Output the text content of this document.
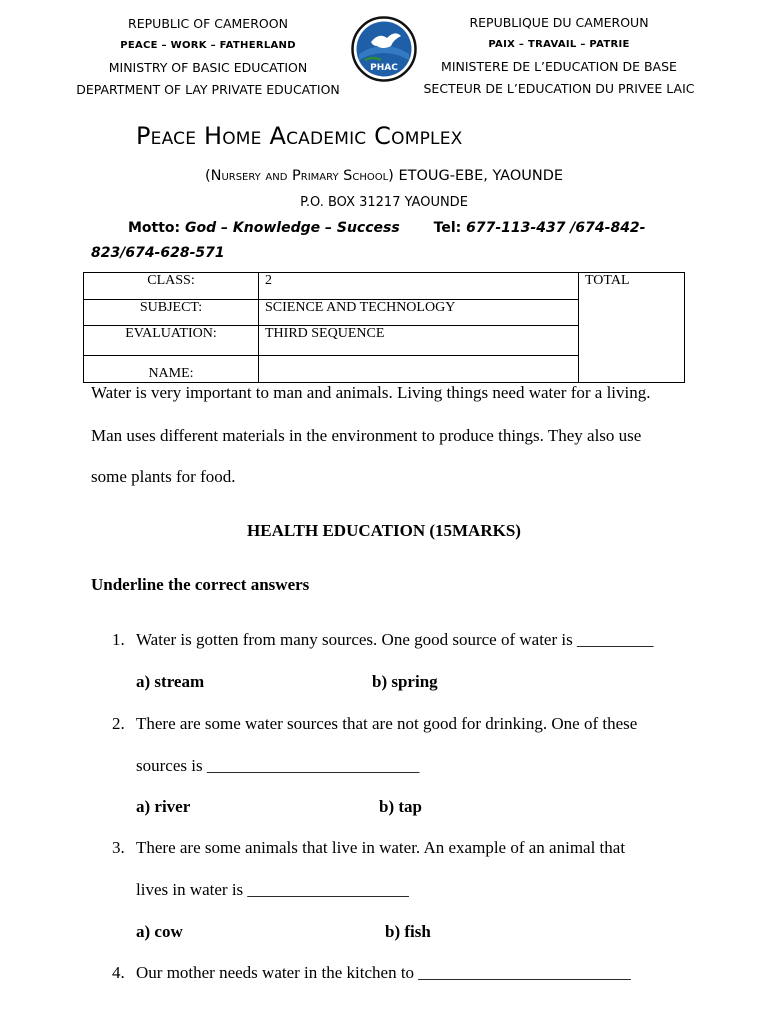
REPUBLIC OF CAMEROON
PEACE – WORK – FATHERLAND
MINISTRY OF BASIC EDUCATION
DEPARTMENT OF LAY PRIVATE EDUCATION
PHAC
REPUBLIQUE DU CAMEROUN
PAIX – TRAVAIL – PATRIE
MINISTERE DE L’EDUCATION DE BASE
SECTEUR DE L’EDUCATION DU PRIVEE LAIC
Peace Home Academic Complex
(Nursery and Primary School) ETOUG-EBE, YAOUNDE
P.O. BOX 31217 YAOUNDE
Motto: God – Knowledge – Success Tel: 677-113-437 /674-842-
823/674-628-571
CLASS:	2	TOTAL
SUBJECT:	SCIENCE AND TECHNOLOGY	
EVALUATION:	THIRD SEQUENCE	
NAME:		
Water is very important to man and animals. Living things need water for a living.
Man uses different materials in the environment to produce things. They also use
some plants for food.
HEALTH EDUCATION (15MARKS)
Underline the correct answers
1. Water is gotten from many sources. One good source of water is _________
a) stream	b) spring
2. There are some water sources that are not good for drinking. One of these
sources is _________________________
a) river	b) tap
3. There are some animals that live in water. An example of an animal that
lives in water is ___________________
a) cow	b) fish
4. Our mother needs water in the kitchen to _________________________
